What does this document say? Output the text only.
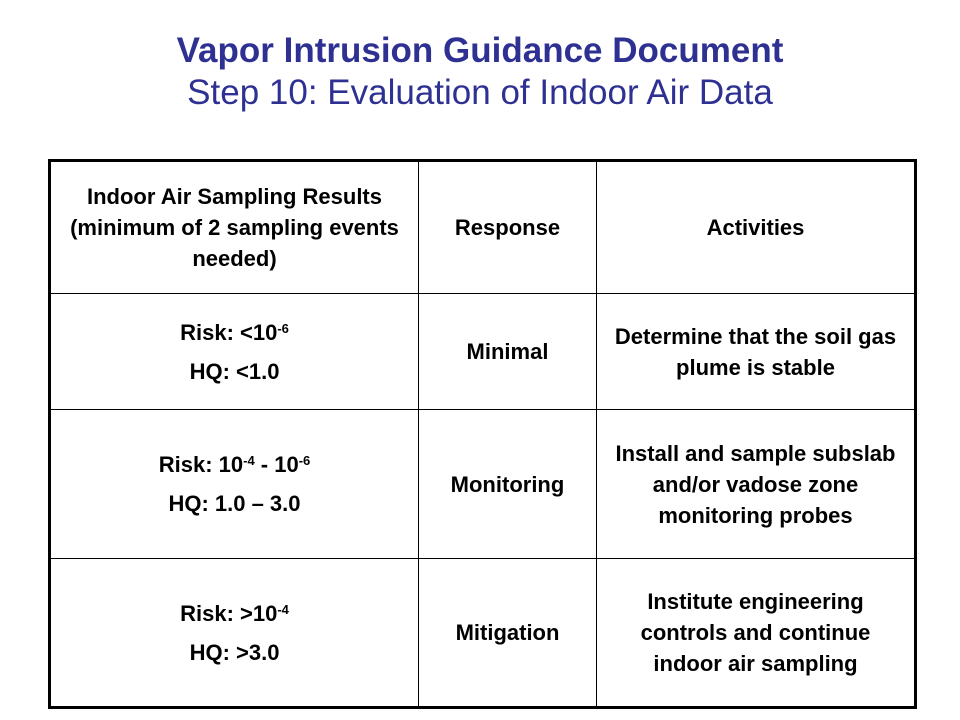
Vapor Intrusion Guidance Document
Step 10: Evaluation of Indoor Air Data
Indoor Air Sampling Results (minimum of 2 sampling events needed)	Response	Activities

Risk: $<10^{-6}$
HQ: <1.0	Minimal	Determine that the soil gas plume is stable

Risk: $10^{-4} - 10^{-6}$
HQ: 1.0 – 3.0	Monitoring	Install and sample subslab and/or vadose zone monitoring probes

Risk: $>10^{-4}$
HQ: >3.0	Mitigation	Institute engineering controls and continue indoor air sampling
